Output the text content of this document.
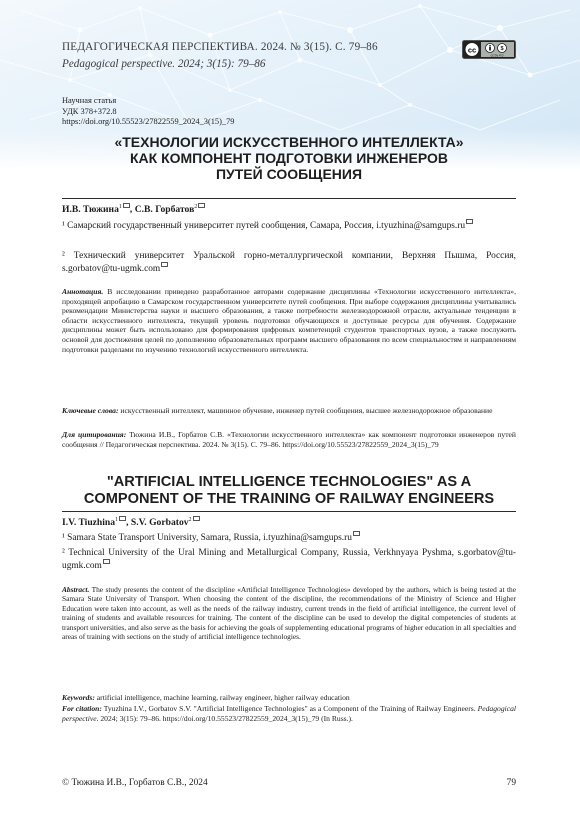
ПЕДАГОГИЧЕСКАЯ ПЕРСПЕКТИВА. 2024. № 3(15). С. 79–86
Pedagogical perspective. 2024; 3(15): 79–86
cc	$
cc by 4.0
Научная статья
УДК 378+372.8
https://doi.org/10.55523/27822559_2024_3(15)_79
«ТЕХНОЛОГИИ ИСКУССТВЕННОГО ИНТЕЛЛЕКТА»
КАК КОМПОНЕНТ ПОДГОТОВКИ ИНЖЕНЕРОВ
ПУТЕЙ СООБЩЕНИЯ
И.В. Тюжина$^1$ , С.В. Горбатов$^2$
¹ Самарский государственный университет путей сообщения, Самара, Россия, i.tyuzhina@samgups.ru
² Технический университет Уральской горно-металлургической компании, Верхняя Пышма, Россия, s.gorbatov@tu-ugmk.com
Аннотация. В исследовании приведено разработанное авторами содержание дисциплины «Технологии искусственного интеллекта», проходящей апробацию в Самарском государственном университете путей сообщения. При выборе содержания дисциплины учитывались рекомендации Министерства науки и высшего образования, а также потребности железнодорожной отрасли, актуальные тенденции в области искусственного интеллекта, текущий уровень подготовки обучающихся и доступные ресурсы для обучения. Содержание дисциплины может быть использовано для формирования цифровых компетенций студентов транспортных вузов, а также послужить основой для достижения целей по дополнению образовательных программ высшего образования по всем специальностям и направлениям подготовки разделами по изучению технологий искусственного интеллекта.
Ключевые слова: искусственный интеллект, машинное обучение, инженер путей сообщения, высшее железнодорожное образование
Для цитирования: Тюжина И.В., Горбатов С.В. «Технологии искусственного интеллекта» как компонент подготовки инженеров путей сообщения // Педагогическая перспектива. 2024. № 3(15). С. 79–86. https://doi.org/10.55523/27822559_2024_3(15)_79
"ARTIFICIAL INTELLIGENCE TECHNOLOGIES" AS A
COMPONENT OF THE TRAINING OF RAILWAY ENGINEERS
I.V. Tiuzhina$^1$ , S.V. Gorbatov$^2$
¹ Samara State Transport University, Samara, Russia, i.tyuzhina@samgups.ru
² Technical University of the Ural Mining and Metallurgical Company, Russia, Verkhnyaya Pyshma, s.gorbatov@tu-ugmk.com
Abstract. The study presents the content of the discipline «Artificial Intelligence Technologies» developed by the authors, which is being tested at the Samara State University of Transport. When choosing the content of the discipline, the recommendations of the Ministry of Science and Higher Education were taken into account, as well as the needs of the railway industry, current trends in the field of artificial intelligence, the current level of training of students and available resources for training. The content of the discipline can be used to develop the digital competencies of students at transport universities, and also serve as the basis for achieving the goals of supplementing educational programs of higher education in all specialties and areas of training with sections on the study of artificial intelligence technologies.
Keywords: artificial intelligence, machine learning, railway engineer, higher railway education
For citation: Tyuzhina I.V., Gorbatov S.V. "Artificial Intelligence Technologies" as a Component of the Training of Railway Engineers. Pedagogical perspective. 2024; 3(15): 79–86. https://doi.org/10.55523/27822559_2024_3(15)_79 (In Russ.).
© Тюжина И.В., Горбатов С.В., 2024	79
